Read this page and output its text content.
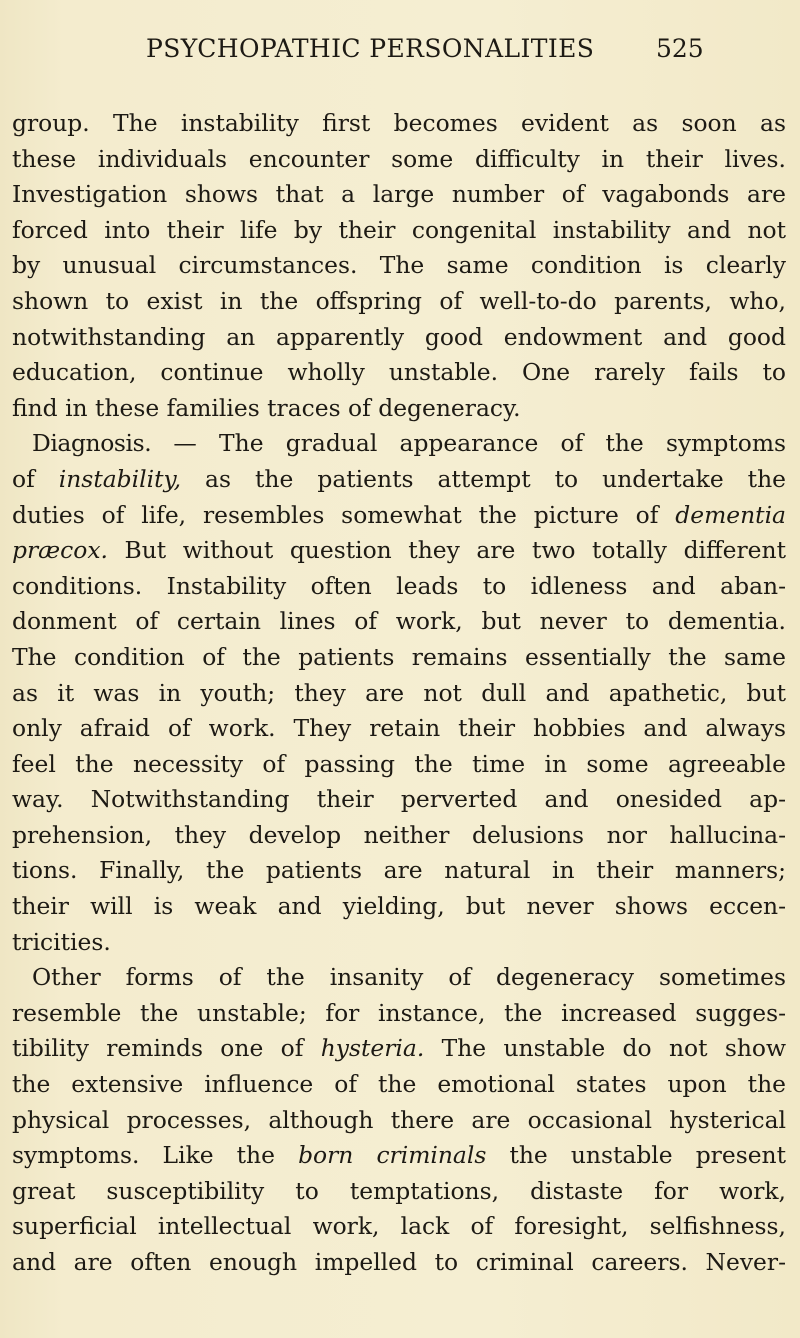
PSYCHOPATHIC PERSONALITIES 525
group. The instability first becomes evident as soon as
these individuals encounter some difficulty in their lives.
Investigation shows that a large number of vagabonds are
forced into their life by their congenital instability and not
by unusual circumstances. The same condition is clearly
shown to exist in the offspring of well-to-do parents, who,
notwithstanding an apparently good endowment and good
education, continue wholly unstable. One rarely fails to
find in these families traces of degeneracy.
Diagnosis. — The gradual appearance of the symptoms
of instability, as the patients attempt to undertake the
duties of life, resembles somewhat the picture of dementia
præcox. But without question they are two totally different
conditions. Instability often leads to idleness and aban-
donment of certain lines of work, but never to dementia.
The condition of the patients remains essentially the same
as it was in youth; they are not dull and apathetic, but
only afraid of work. They retain their hobbies and always
feel the necessity of passing the time in some agreeable
way. Notwithstanding their perverted and onesided ap-
prehension, they develop neither delusions nor hallucina-
tions. Finally, the patients are natural in their manners;
their will is weak and yielding, but never shows eccen-
tricities.
Other forms of the insanity of degeneracy sometimes
resemble the unstable; for instance, the increased sugges-
tibility reminds one of hysteria. The unstable do not show
the extensive influence of the emotional states upon the
physical processes, although there are occasional hysterical
symptoms. Like the born criminals the unstable present
great susceptibility to temptations, distaste for work,
superficial intellectual work, lack of foresight, selfishness,
and are often enough impelled to criminal careers. Never-
